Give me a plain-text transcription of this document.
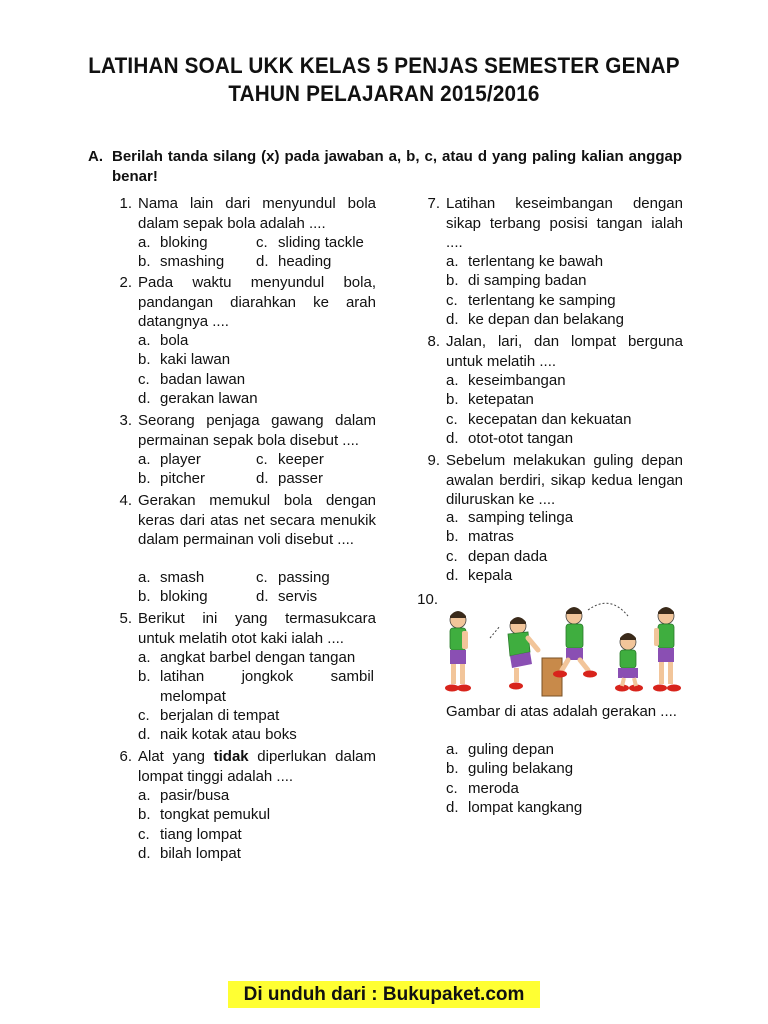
LATIHAN SOAL UKK KELAS 5 PENJAS SEMESTER GENAP
TAHUN PELAJARAN 2015/2016
A. Berilah tanda silang (x) pada jawaban a, b, c, atau d yang paling kalian anggap benar!
1. Nama lain dari menyundul bola dalam sepak bola adalah ....
a. bloking	c. sliding tackle
b. smashing d. heading
2. Pada waktu menyundul bola, pandangan diarahkan ke arah datangnya ....
a. bola
b. kaki lawan
c. badan lawan
d. gerakan lawan
3. Seorang penjaga gawang dalam permainan sepak bola disebut ....
a. player	c. keeper
b. pitcher	d. passer
4. Gerakan memukul bola dengan keras dari atas net secara menukik dalam permainan voli disebut ....
a. smash	c. passing
b. bloking	d. servis
5. Berikut ini yang termasukcara untuk melatih otot kaki ialah ....
a. angkat barbel dengan tangan
b. latihan jongkok sambil melompat
c. berjalan di tempat
d. naik kotak atau boks
6. Alat yang tidak diperlukan dalam lompat tinggi adalah ....
a. pasir/busa
b. tongkat pemukul
c. tiang lompat
d. bilah lompat
7. Latihan keseimbangan dengan sikap terbang posisi tangan ialah ....
a. terlentang ke bawah
b. di samping badan
c. terlentang ke samping
d. ke depan dan belakang
8. Jalan, lari, dan lompat berguna untuk melatih ....
a. keseimbangan
b. ketepatan
c. kecepatan dan kekuatan
d. otot-otot tangan
9. Sebelum melakukan guling depan awalan berdiri, sikap kedua lengan diluruskan ke ....
a. samping telinga
b. matras
c. depan dada
d. kepala
10.
Gambar di atas adalah gerakan ....
a. guling depan
b. guling belakang
c. meroda
d. lompat kangkang
Di unduh dari : Bukupaket.com
